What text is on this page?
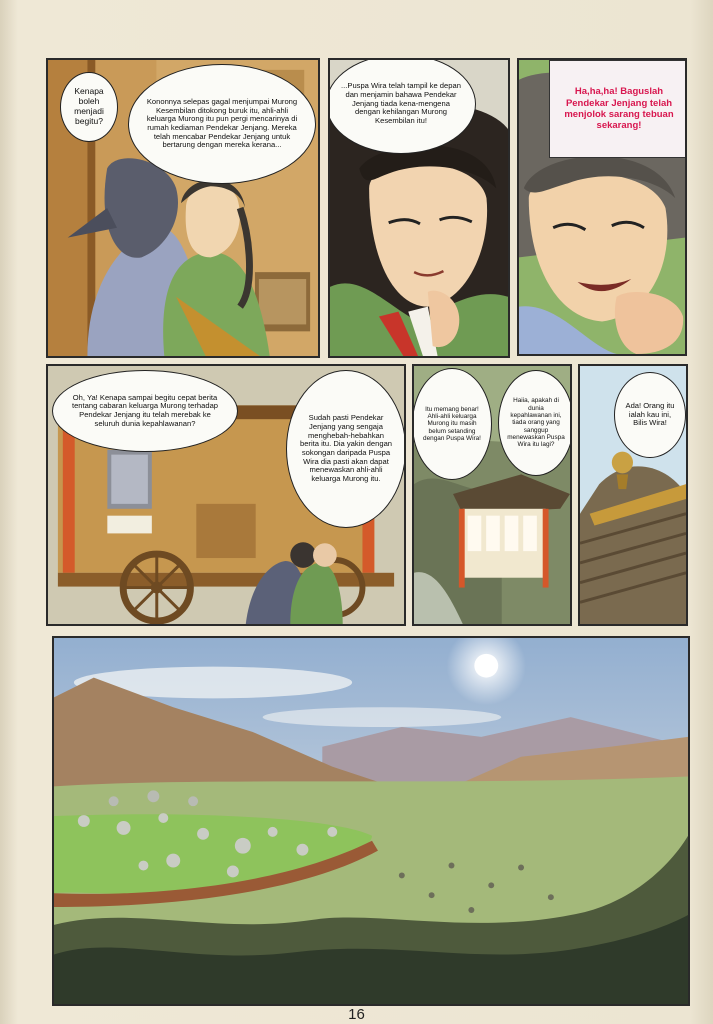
Kenapa boleh menjadi begitu?
Kononnya selepas gagal menjumpai Murong Kesembilan ditokong buruk itu, ahli-ahli keluarga Murong itu pun pergi mencarinya di rumah kediaman Pendekar Jenjang. Mereka telah mencabar Pendekar Jenjang untuk bertarung dengan mereka kerana...
...Puspa Wira telah tampil ke depan dan menjamin bahawa Pendekar Jenjang tiada kena-mengena dengan kehilangan Murong Kesembilan itu!
Ha,ha,ha! Baguslah Pendekar Jenjang telah menjolok sarang tebuan sekarang!
Oh, Ya! Kenapa sampai begitu cepat berita tentang cabaran keluarga Murong terhadap Pendekar Jenjang itu telah merebak ke seluruh dunia kepahlawanan?
Sudah pasti Pendekar Jenjang yang sengaja menghebah-hebahkan berita itu. Dia yakin dengan sokongan daripada Puspa Wira dia pasti akan dapat menewaskan ahli-ahli keluarga Murong itu.
Itu memang benar! Ahli-ahli keluarga Murong itu masih belum setanding dengan Puspa Wira!
Haiia, apakah di dunia kepahlawanan ini, tiada orang yang sanggup menewaskan Puspa Wira itu lagi?
Ada! Orang itu ialah kau ini, Bilis Wira!
16
